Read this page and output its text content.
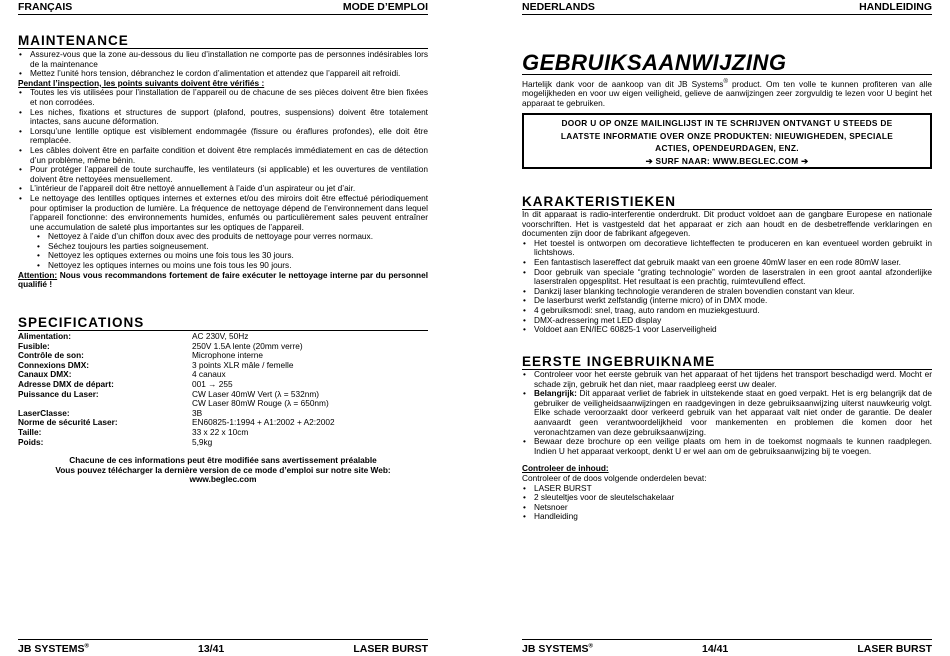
FRANÇAIS	MODE D’EMPLOI
MAINTENANCE
• Assurez-vous que la zone au-dessous du lieu d’installation ne comporte pas de personnes indésirables lors de la maintenance
• Mettez l’unité hors tension, débranchez le cordon d’alimentation et attendez que l’appareil ait refroidi.

Pendant l’inspection, les points suivants doivent être vérifiés :

• Toutes les vis utilisées pour l’installation de l’appareil ou de chacune de ses pièces doivent être bien fixées et non corrodées.
• Les niches, fixations et structures de support (plafond, poutres, suspensions) doivent être totalement intactes, sans aucune déformation.
• Lorsqu’une lentille optique est visiblement endommagée (fissure ou éraflures profondes), elle doit être remplacée.
• Les câbles doivent être en parfaite condition et doivent être remplacés immédiatement en cas de détection d’un problème, même bénin.
• Pour protéger l’appareil de toute surchauffe, les ventilateurs (si applicable) et les ouvertures de ventilation doivent être nettoyées mensuellement.
• L’intérieur de l’appareil doit être nettoyé annuellement à l’aide d’un aspirateur ou jet d’air.
• Le nettoyage des lentilles optiques internes et externes et/ou des miroirs doit être effectué périodiquement pour optimiser la production de lumière. La fréquence de nettoyage dépend de l’environnement dans lequel l’appareil fonctionne: des environnements humides, enfumés ou particulièrement sales peuvent entraîner une accumulation de saleté plus importantes sur les optiques de l’appareil.
• Nettoyez à l’aide d’un chiffon doux avec des produits de nettoyage pour verres normaux.
• Séchez toujours les parties soigneusement.
• Nettoyez les optiques externes ou moins une fois tous les 30 jours.
• Nettoyez les optiques internes ou moins une fois tous les 90 jours.

Attention: Nous vous recommandons fortement de faire exécuter le nettoyage interne par du personnel qualifié !

SPECIFICATIONS
Alimentation:	AC 230V, 50Hz
Fusible:	250V 1.5A lente (20mm verre)
Contrôle de son:	Microphone interne
Connexions DMX:	3 points XLR mâle / femelle
Canaux DMX:	4 canaux
Adresse DMX de départ:	001 → 255
Puissance du Laser:	CW Laser 40mW Vert (λ = 532nm)
CW Laser 80mW Rouge (λ = 650nm)
LaserClasse:	3B
Norme de sécurité Laser:	EN60825-1:1994 + A1:2002 + A2:2002
Taille:	33 x 22 x 10cm
Poids:	5,9kg
Chacune de ces informations peut être modifiée sans avertissement préalable
Vous pouvez télécharger la dernière version de ce mode d’emploi sur notre site Web:
www.beglec.com
JB SYSTEMS®	13/41	LASER BURST
NEDERLANDS	HANDLEIDING
GEBRUIKSAANWIJZING

Hartelijk dank voor de aankoop van dit JB Systems® product. Om ten volle te kunnen profiteren van alle mogelijkheden en voor uw eigen veiligheid, gelieve de aanwijzingen zeer zorgvuldig te lezen voor U begint het apparaat te gebruiken.

DOOR U OP ONZE MAILINGLIJST IN TE SCHRIJVEN ONTVANGT U STEEDS DE
LAATSTE INFORMATIE OVER ONZE PRODUKTEN: NIEUWIGHEDEN, SPECIALE
ACTIES, OPENDEURDAGEN, ENZ.
➔ SURF NAAR: WWW.BEGLEC.COM ➔
KARAKTERISTIEKEN

In dit apparaat is radio-interferentie onderdrukt. Dit product voldoet aan de gangbare Europese en nationale voorschriften. Het is vastgesteld dat het apparaat er zich aan houdt en de desbetreffende verklaringen en documenten zijn door de fabrikant afgegeven.

• Het toestel is ontworpen om decoratieve lichteffecten te produceren en kan eventueel worden gebruikt in lichtshows.
• Een fantastisch lasereffect dat gebruik maakt van een groene 40mW laser en een rode 80mW laser.
• Door gebruik van speciale “grating technologie” worden de laserstralen in een groot aantal afzonderlijke laserstralen opgesplitst. Het resultaat is een prachtig, ruimtevullend effect.
• Dankzij laser blanking technologie veranderen de stralen bovendien constant van kleur.
• De laserburst werkt zelfstandig (interne micro) of in DMX mode.
• 4 gebruiksmodi: snel, traag, auto random en muziekgestuurd.
• DMX-adressering met LED display
• Voldoet aan EN/IEC 60825-1 voor Laserveiligheid
EERSTE INGEBRUIKNAME
• Controleer voor het eerste gebruik van het apparaat of het tijdens het transport beschadigd werd. Mocht er schade zijn, gebruik het dan niet, maar raadpleeg eerst uw dealer.
• Belangrijk: Dit apparaat verliet de fabriek in uitstekende staat en goed verpakt. Het is erg belangrijk dat de gebruiker de veiligheidsaanwijzingen en raadgevingen in deze gebruiksaanwijzing uiterst nauwkeurig volgt. Elke schade veroorzaakt door verkeerd gebruik van het apparaat valt niet onder de garantie. De dealer aanvaardt geen verantwoordelijkheid voor mankementen en problemen die komen door het veronachtzamen van deze gebruiksaanwijzing.
• Bewaar deze brochure op een veilige plaats om hem in de toekomst nogmaals te kunnen raadplegen. Indien U het apparaat verkoopt, denkt U er wel aan om de gebruiksaanwijzing bij te voegen.

Controleer de inhoud:

Controleer of de doos volgende onderdelen bevat:

• LASER BURST
• 2 sleuteltjes voor de sleutelschakelaar
• Netsnoer
• Handleiding
JB SYSTEMS®	14/41	LASER BURST
